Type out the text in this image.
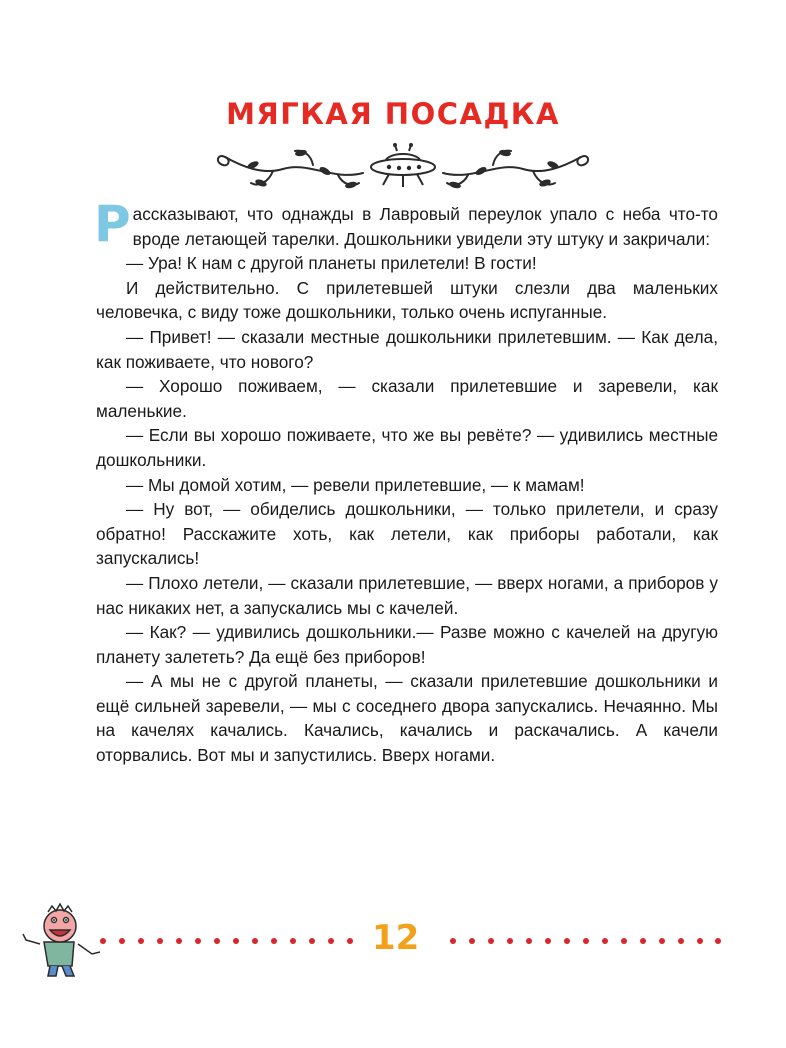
МЯГКАЯ ПОСАДКА

Рассказывают, что однажды в Лавровый переулок упало с неба что-то вроде летающей тарелки. Дошкольники увидели эту штуку и закричали:

— Ура! К нам с другой планеты прилетели! В гости!

И действительно. С прилетевшей штуки слезли два маленьких человечка, с виду тоже дошкольники, только очень испуганные.

— Привет! — сказали местные дошкольники прилетевшим. — Как дела, как поживаете, что нового?

— Хорошо поживаем, — сказали прилетевшие и заревели, как маленькие.

— Если вы хорошо поживаете, что же вы ревёте? — удивились местные дошкольники.

— Мы домой хотим, — ревели прилетевшие, — к мамам!

— Ну вот, — обиделись дошкольники, — только прилетели, и сразу обратно! Расскажите хоть, как летели, как приборы работали, как запускались!

— Плохо летели, — сказали прилетевшие, — вверх ногами, а приборов у нас никаких нет, а запускались мы с качелей.

— Как? — удивились дошкольники.— Разве можно с качелей на другую планету залететь? Да ещё без приборов!

— А мы не с другой планеты, — сказали прилетевшие дошкольники и ещё сильней заревели, — мы с соседнего двора запускались. Нечаянно. Мы на качелях качались. Качались, качались и раскачались. А качели оторвались. Вот мы и запустились. Вверх ногами.

12
